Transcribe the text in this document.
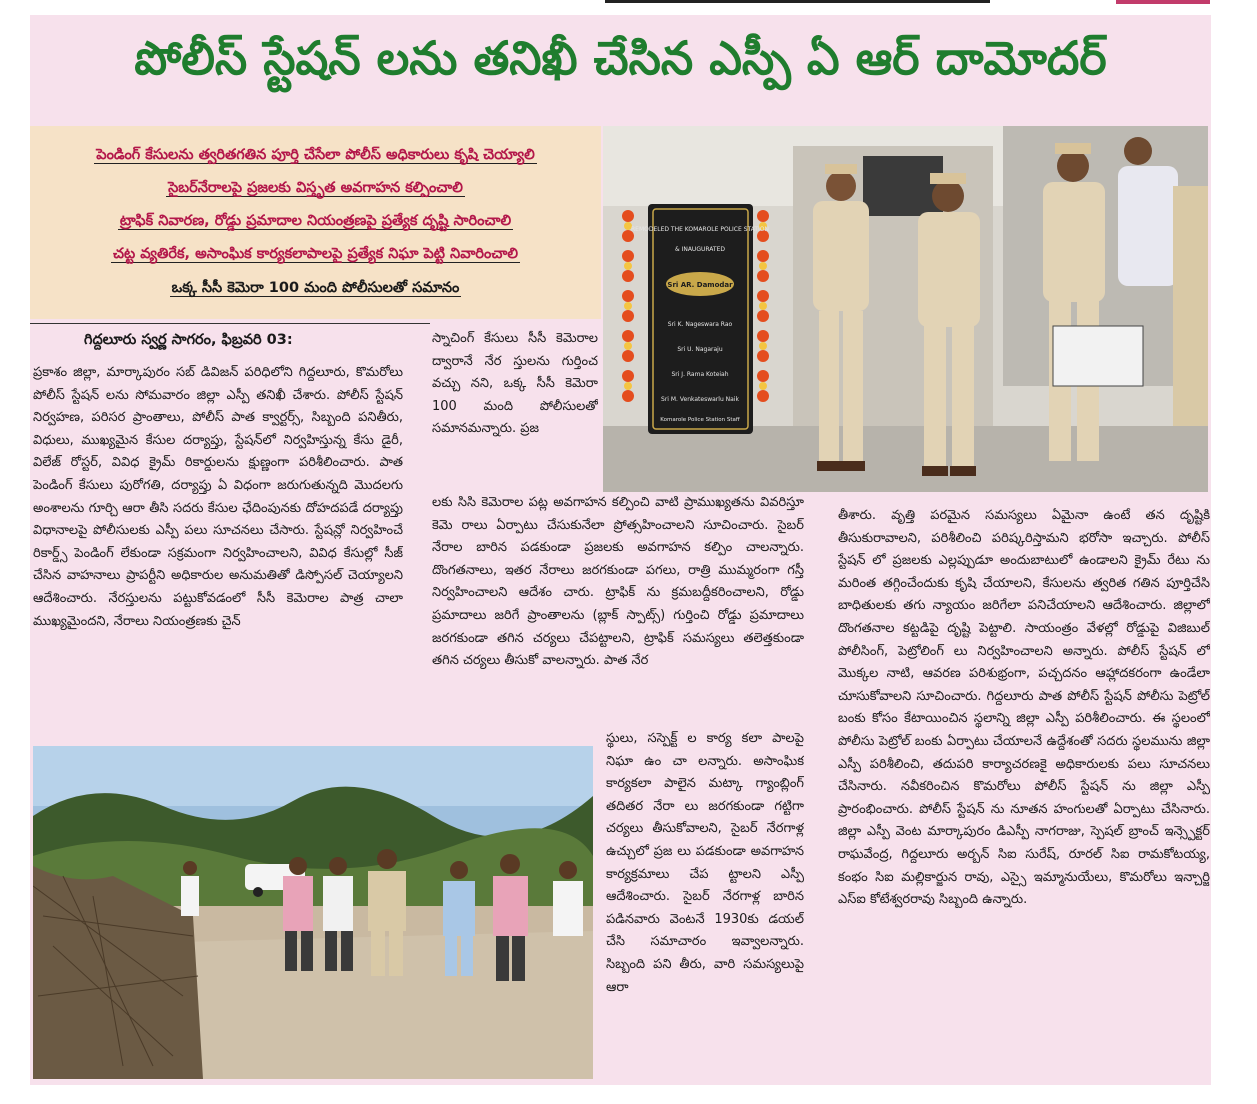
పోలీస్ స్టేషన్ లను తనిఖీ చేసిన ఎస్పీ ఏ ఆర్ దామోదర్
పెండింగ్ కేసులను త్వరితగతిన పూర్తి చేసేలా పోలీస్ అధికారులు కృషి చెయ్యాలి
సైబర్‌నేరాలపై ప్రజలకు విస్తృత అవగాహన కల్పించాలి
ట్రాఫిక్ నివారణ, రోడ్డు ప్రమాదాల నియంత్రణపై ప్రత్యేక దృష్టి సారించాలి
చట్ట వ్యతిరేక, అసాంఘిక కార్యకలాపాలపై ప్రత్యేక నిఘా పెట్టి నివారించాలి
ఒక్క సీసీ కెమెరా 100 మంది పోలీసులతో సమానం
REMODELED THE KOMAROLE POLICE STATION
& INAUGURATED
Sri AR. Damodar
Sri K. Nageswara Rao
Sri U. Nagaraju
Sri J. Rama Koteiah
Sri M. Venkateswarlu Naik
Komarole Police Station Staff
గిద్దలూరు స్వర్ణ సాగరం, ఫిబ్రవరి 03:

ప్రకాశం జిల్లా, మార్కాపురం సబ్ డివిజన్ పరిధిలోని గిద్దలూరు, కొమరోలు పోలీస్ స్టేషన్ లను సోమవారం జిల్లా ఎస్పీ తనిఖీ చేశారు. పోలీస్ స్టేషన్ నిర్వహణ, పరిసర ప్రాంతాలు, పోలీస్ పాత క్వార్టర్స్, సిబ్బంది పనితీరు, విధులు, ముఖ్యమైన కేసుల దర్యాప్తు, స్టేషన్‌లో నిర్వహిస్తున్న కేసు డైరీ, విలేజ్ రోస్టర్, వివిధ క్రైమ్ రికార్డులను క్షుణ్ణంగా పరిశీలించారు. పాత పెండింగ్ కేసులు పురోగతి, దర్యాప్తు ఏ విధంగా జరుగుతున్నది మొదలగు అంశాలను గూర్చి ఆరా తీసి సదరు కేసుల ఛేదింపునకు దోహదపడే దర్యాప్తు విధానాలపై పోలీసులకు ఎస్పీ పలు సూచనలు చేసారు. స్టేషన్లో నిర్వహించే రికార్డ్స్ పెండింగ్ లేకుండా సక్రమంగా నిర్వహించాలని, వివిధ కేసుల్లో సీజ్ చేసిన వాహనాలు ప్రాపర్టీని అధికారుల అనుమతితో డిస్పోసల్ చెయ్యాలని ఆదేశించారు. నేరస్తులను పట్టుకోవడంలో సీసీ కెమెరాల పాత్ర చాలా ముఖ్యమైందని, నేరాలు నియంత్రణకు చైన్

స్నాచింగ్ కేసులు సీసీ కెమెరాల ద్వారానే నేర స్తులను గుర్తించ వచ్చు నని, ఒక్క సీసీ కెమెరా 100 మంది పోలీసులతో సమానమన్నారు. ప్రజ

లకు సిసి కెమెరాల పట్ల అవగాహన కల్పించి వాటి ప్రాముఖ్యతను వివరిస్తూ కెమె రాలు ఏర్పాటు చేసుకునేలా ప్రోత్సహించాలని సూచించారు. సైబర్ నేరాల బారిన పడకుండా ప్రజలకు అవగాహన కల్పిం చాలన్నారు. దొంగతనాలు, ఇతర నేరాలు జరగకుండా పగలు, రాత్రి ముమ్మరంగా గస్తీ నిర్వహించాలని ఆదేశం చారు. ట్రాఫిక్ ను క్రమబద్దీకరించాలని, రోడ్డు ప్రమాదాలు జరిగే ప్రాంతాలను (బ్లాక్ స్పాట్స్) గుర్తించి రోడ్డు ప్రమాదాలు జరగకుండా తగిన చర్యలు చేపట్టాలని, ట్రాఫిక్ సమస్యలు తలెత్తకుండా తగిన చర్యలు తీసుకో వాలన్నారు. పాత నేర

స్థులు, సస్పెక్ట్ ల కార్య కలా పాలపై నిఘా ఉం చా లన్నారు. అసాంఘిక కార్యకలా పాలైన మట్కా గ్యాంబ్లింగ్ తదితర నేరా లు జరగకుండా గట్టిగా చర్యలు తీసుకోవాలని, సైబర్ నేరగాళ్ల ఉచ్చులో ప్రజ లు పడకుండా అవగాహన కార్యక్రమాలు చేప ట్టాలని ఎస్పీ ఆదేశించారు. సైబర్ నేరగాళ్ల బారిన పడినవారు వెంటనే 1930కు డయల్ చేసి సమాచారం ఇవ్వాలన్నారు. సిబ్బంది పని తీరు, వారి సమస్యలుపై ఆరా

తీశారు. వృత్తి పరమైన సమస్యలు ఏమైనా ఉంటే తన దృష్టికి తీసుకురావాలని, పరిశీలించి పరిష్కరిస్తామని భరోసా ఇచ్చారు. పోలీస్ స్టేషన్ లో ప్రజలకు ఎల్లప్పుడూ అందుబాటులో ఉండాలని క్రైమ్ రేటు ను మరింత తగ్గించేందుకు కృషి చేయాలని, కేసులను త్వరిత గతిన పూర్తిచేసి బాధితులకు తగు న్యాయం జరిగేలా పనిచేయాలని ఆదేశించారు. జిల్లాలో దొంగతనాల కట్టడిపై దృష్టి పెట్టాలి. సాయంత్రం వేళల్లో రోడ్డుపై విజిబుల్ పోలీసింగ్, పెట్రోలింగ్ లు నిర్వహించాలని అన్నారు. పోలీస్ స్టేషన్ లో మొక్కల నాటి, ఆవరణ పరిశుభ్రంగా, పచ్చదనం ఆహ్లాదకరంగా ఉండేలా చూసుకోవాలని సూచించారు. గిద్దలూరు పాత పోలీస్ స్టేషన్ పోలీసు పెట్రోల్ బంకు కోసం కేటాయించిన స్థలాన్ని జిల్లా ఎస్పీ పరిశీలించారు. ఈ స్థలంలో పోలీసు పెట్రోల్ బంకు ఏర్పాటు చేయాలనే ఉద్దేశంతో సదరు స్థలమును జిల్లా ఎస్పీ పరిశీలించి, తదుపరి కార్యాచరణకై అధికారులకు పలు సూచనలు చేసినారు. నవీకరించిన కొమరోలు పోలీస్ స్టేషన్ ను జిల్లా ఎస్పీ ప్రారంభించారు. పోలీస్ స్టేషన్ ను నూతన హంగులతో ఏర్పాటు చేసినారు. జిల్లా ఎస్పీ వెంట మార్కాపురం డిఎస్పీ నాగరాజు, స్పెషల్ బ్రాంచ్ ఇన్స్పెక్టర్ రాఘవేంద్ర, గిద్దలూరు అర్బన్ సిఐ సురేష్, రూరల్ సిఐ రామకోటయ్య, కంభం సిఐ మల్లికార్జున రావు, ఎస్సై ఇమ్మానుయేలు, కొమరోలు ఇన్చార్జి ఎస్ఐ కోటేశ్వరరావు సిబ్బంది ఉన్నారు.
